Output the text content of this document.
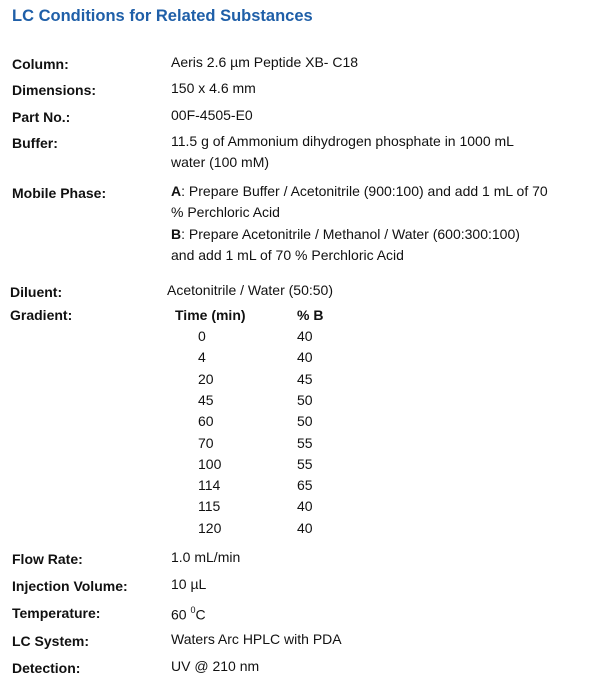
LC Conditions for Related Substances
Column:	Aeris 2.6 µm Peptide XB- C18
Dimensions:	150 x 4.6 mm
Part No.:	00F-4505-E0
Buffer:	11.5 g of Ammonium dihydrogen phosphate in 1000 mL
water (100 mM)
Mobile Phase:	A: Prepare Buffer / Acetonitrile (900:100) and add 1 mL of 70
% Perchloric Acid
B: Prepare Acetonitrile / Methanol / Water (600:300:100)
and add 1 mL of 70 % Perchloric Acid
Diluent:	Acetonitrile / Water (50:50)
Gradient:	Time (min)	% B
0	40
4	40
20	45
45	50
60	50
70	55
100	55
114	65
115	40
120	40
Flow Rate:	1.0 mL/min
Injection Volume:	10 µL
Temperature:	60 $^0$C
LC System:	Waters Arc HPLC with PDA
Detection:	UV @ 210 nm
